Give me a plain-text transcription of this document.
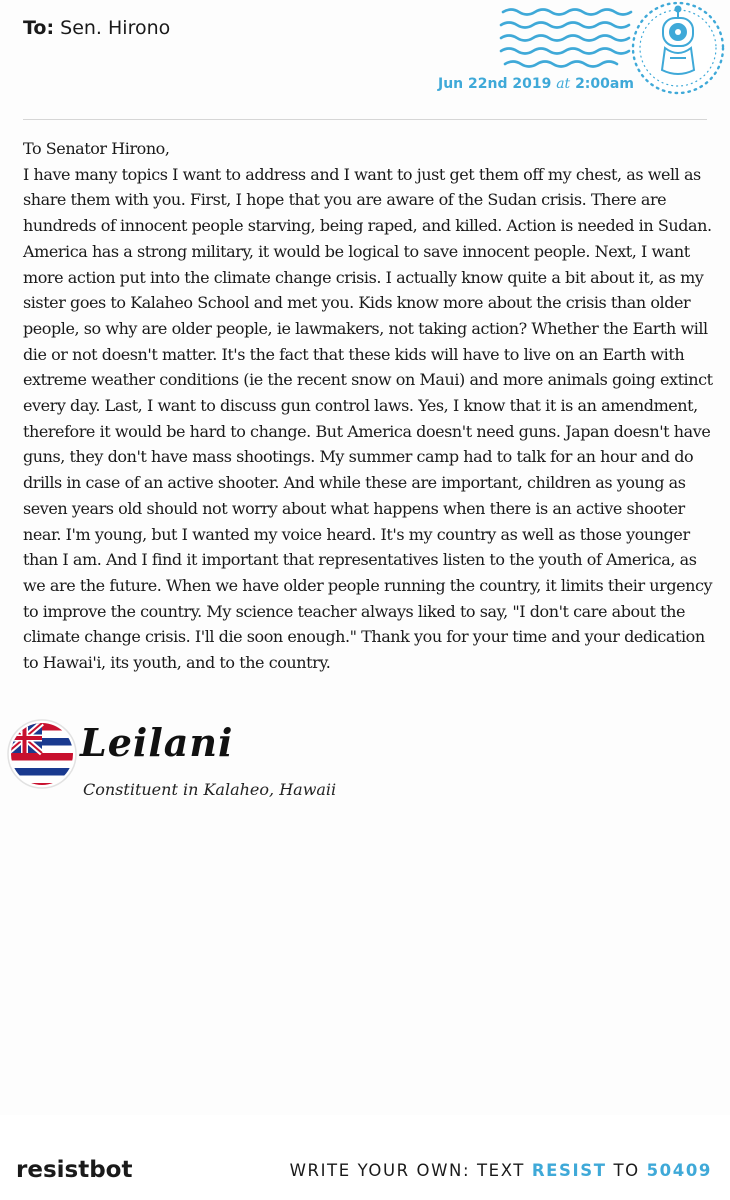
To: Sen. Hirono
Jun 22nd 2019 at 2:00am

To Senator Hirono,

I have many topics I want to address and I want to just get them off my chest, as well as share them with you. First, I hope that you are aware of the Sudan crisis. There are hundreds of innocent people starving, being raped, and killed. Action is needed in Sudan. America has a strong military, it would be logical to save innocent people. Next, I want more action put into the climate change crisis. I actually know quite a bit about it, as my sister goes to Kalaheo School and met you. Kids know more about the crisis than older people, so why are older people, ie lawmakers, not taking action? Whether the Earth will die or not doesn't matter. It's the fact that these kids will have to live on an Earth with extreme weather conditions (ie the recent snow on Maui) and more animals going extinct every day. Last, I want to discuss gun control laws. Yes, I know that it is an amendment, therefore it would be hard to change. But America doesn't need guns. Japan doesn't have guns, they don't have mass shootings. My summer camp had to talk for an hour and do drills in case of an active shooter. And while these are important, children as young as seven years old should not worry about what happens when there is an active shooter near. I'm young, but I wanted my voice heard. It's my country as well as those younger than I am. And I find it important that representatives listen to the youth of America, as we are the future. When we have older people running the country, it limits their urgency to improve the country. My science teacher always liked to say, "I don't care about the climate change crisis. I'll die soon enough." Thank you for your time and your dedication to Hawai'i, its youth, and to the country.

Leilani
Constituent in Kalaheo, Hawaii
resistbot	WRITE YOUR OWN: TEXT RESIST TO 50409
